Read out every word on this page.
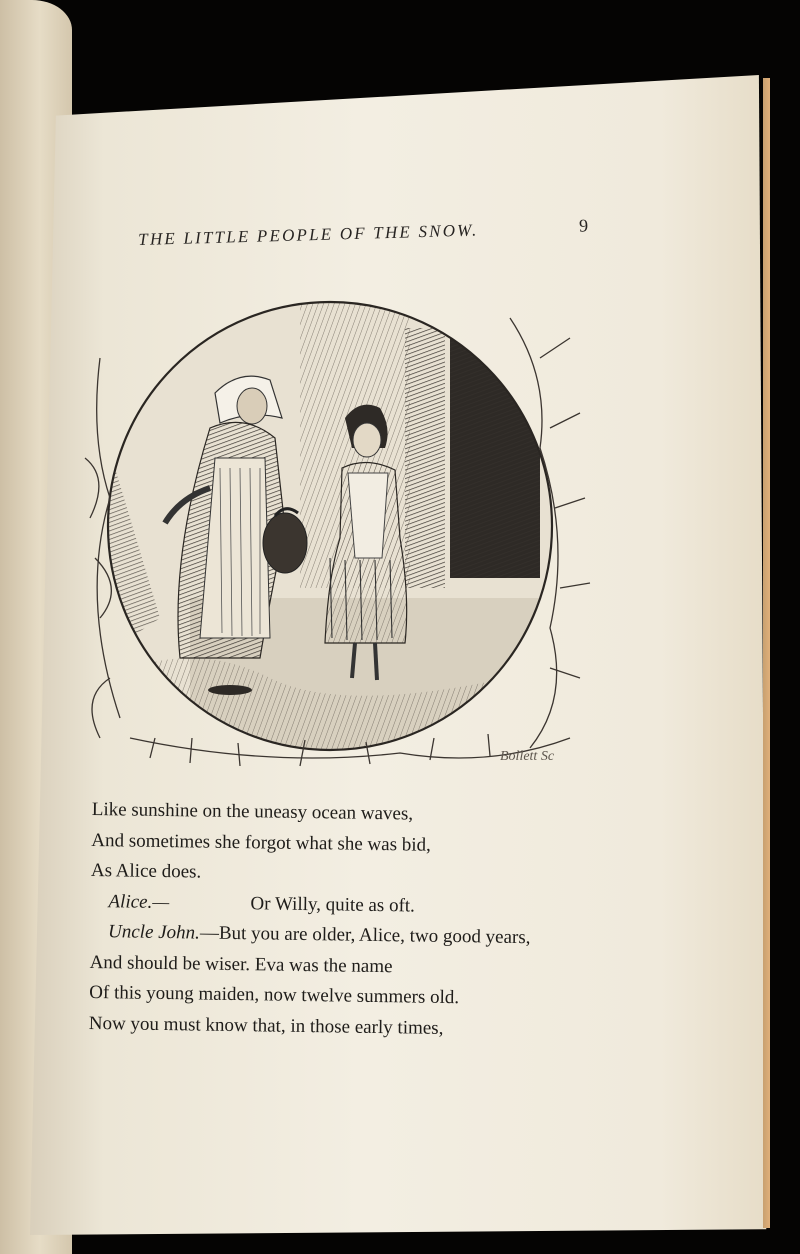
THE LITTLE PEOPLE OF THE SNOW.	9
Bollett Sc
Like sunshine on the uneasy ocean waves,
And sometimes she forgot what she was bid,
As Alice does.
Alice.—	Or Willy, quite as oft.
Uncle John.—But you are older, Alice, two good years,
And should be wiser. Eva was the name
Of this young maiden, now twelve summers old.
Now you must know that, in those early times,
